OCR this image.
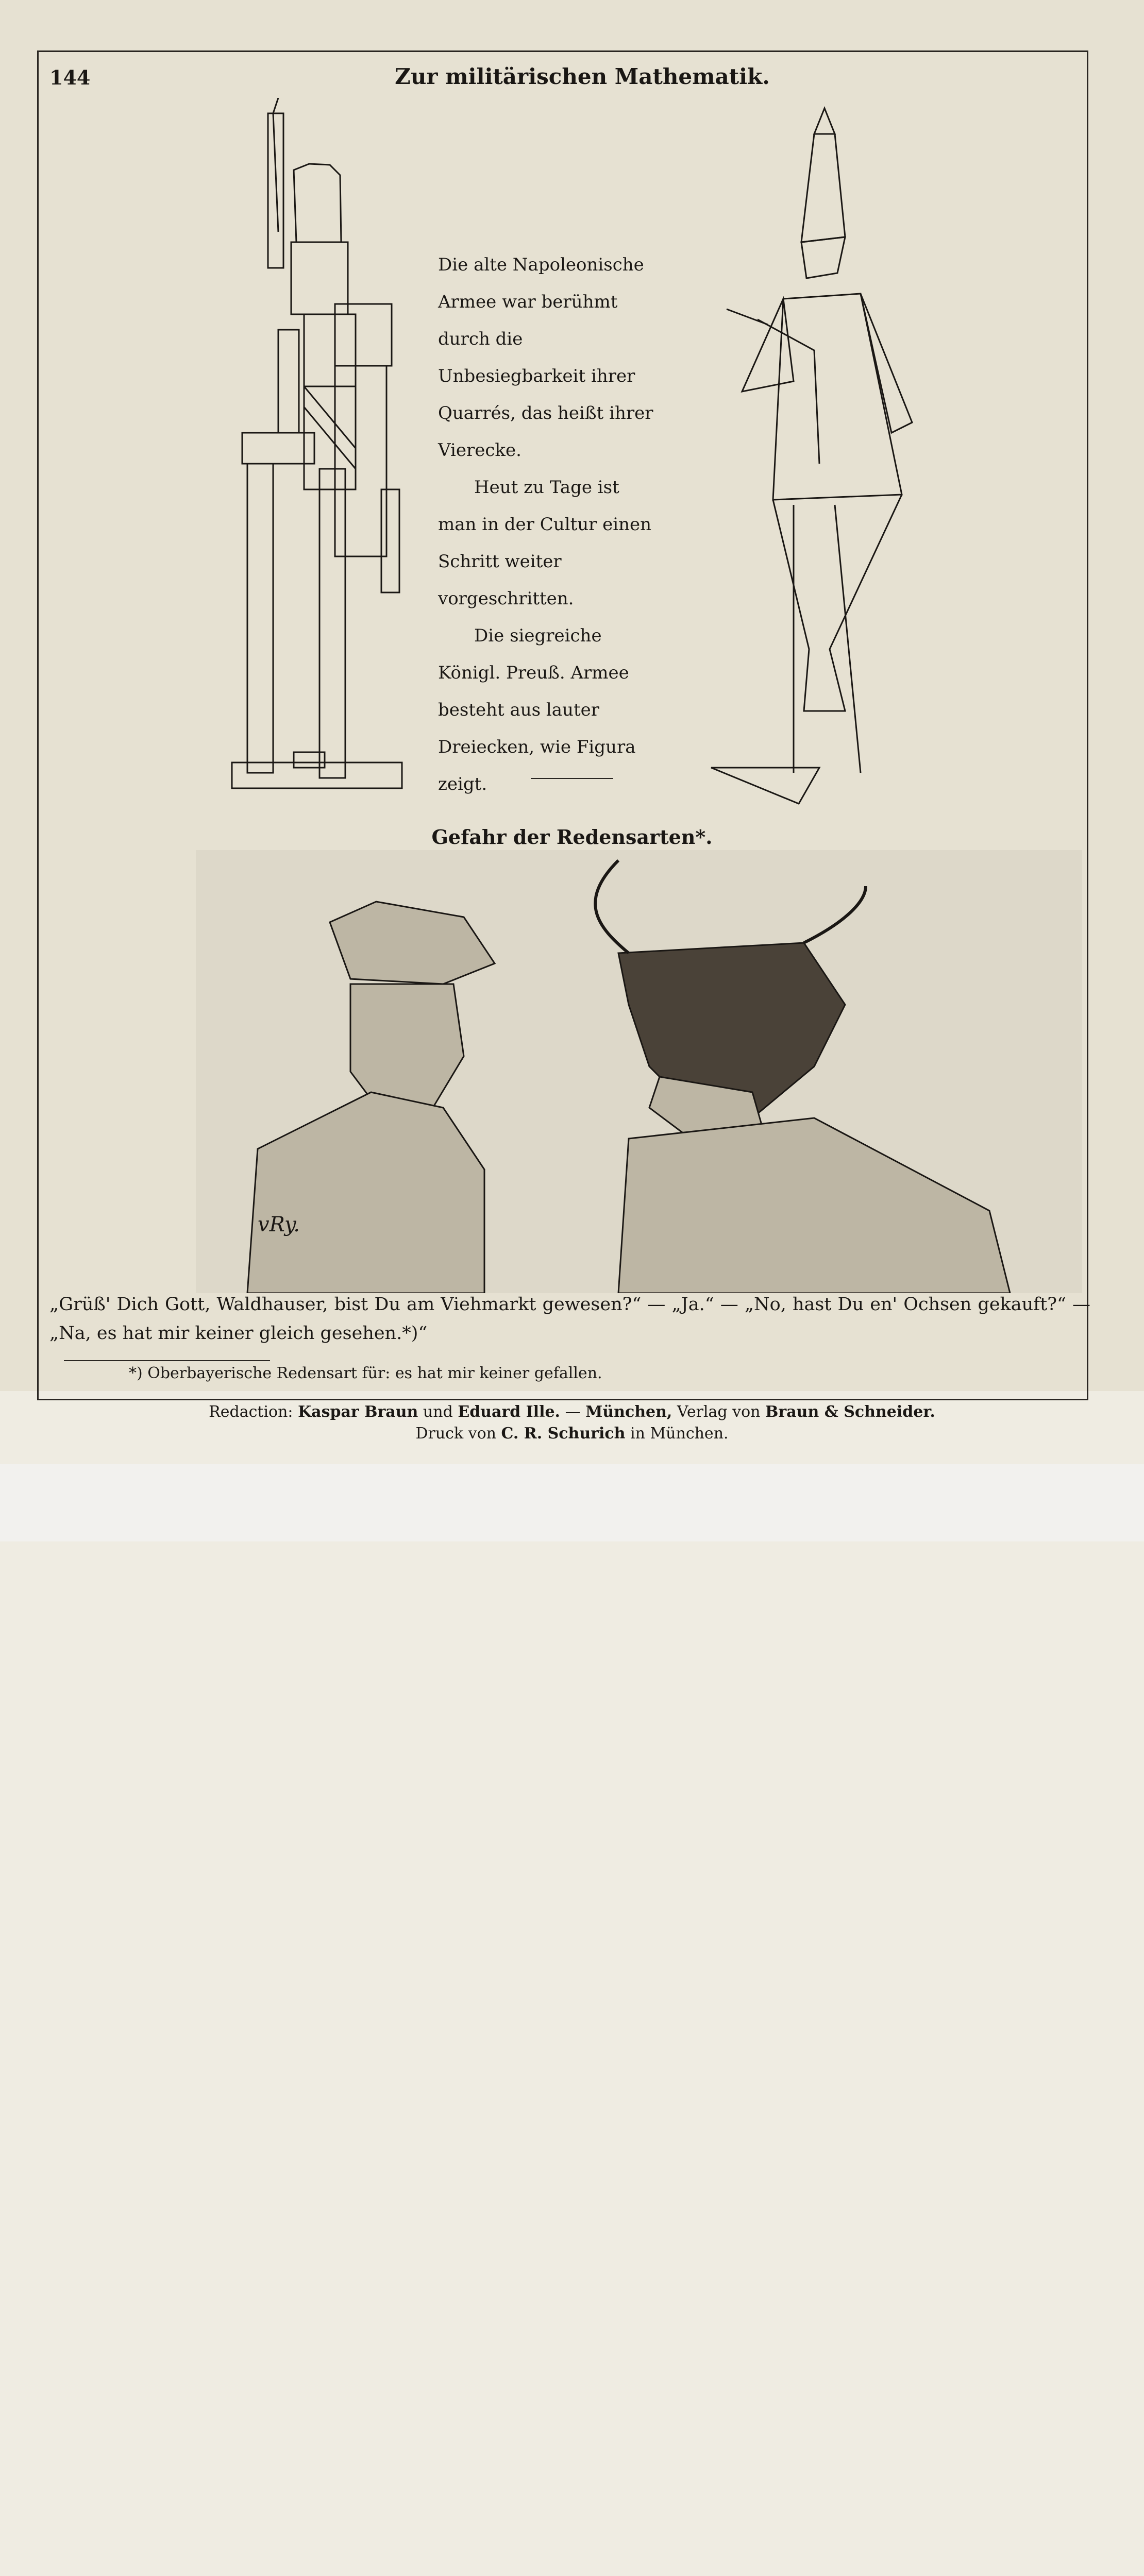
144	Zur militärischen Mathematik.

Die alte Napoleonische Armee war berühmt durch die Unbesiegbarkeit ihrer Quarrés, das heißt ihrer Vierecke.

Heut zu Tage ist man in der Cultur einen Schritt weiter vorgeschritten.

Die siegreiche Königl. Preuß. Armee besteht aus lauter Dreiecken, wie Figura zeigt.

Gefahr der Redensarten*.
vRy.
„Grüß' Dich Gott, Waldhauser, bist Du am Viehmarkt gewesen?“ — „Ja.“ — „No, hast Du en' Ochsen gekauft?“ — „Na, es hat mir keiner gleich gesehen.*)“
*) Oberbayerische Redensart für: es hat mir keiner gefallen.
Redaction: Kaspar Braun und Eduard Ille. — München, Verlag von Braun & Schneider.
Druck von C. R. Schurich in München.
